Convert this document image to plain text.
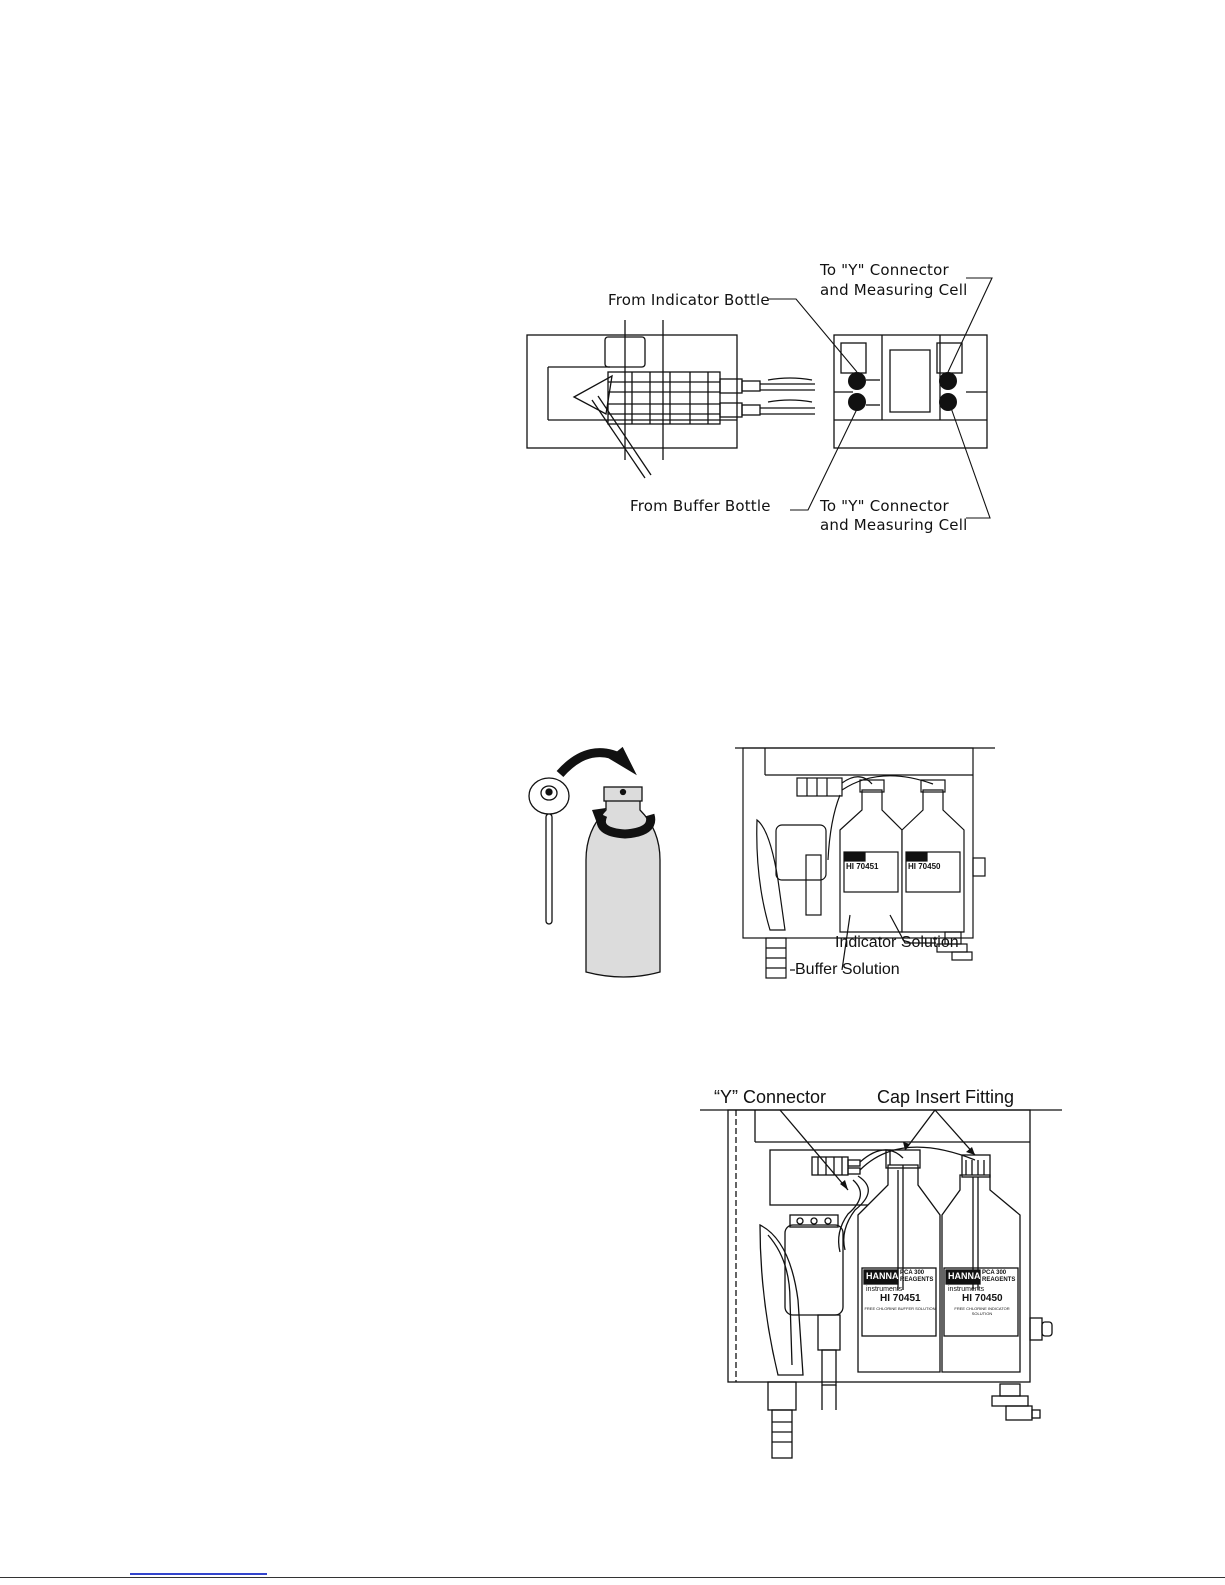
From Indicator Bottle
From Buffer Bottle
To "Y" Connector
and Measuring Cell
To "Y" Connector
and Measuring Cell
Indicator Solution
Buffer Solution
HI 70451	HI 70450
“Y” Connector	Cap Insert Fitting
PCA 300 REAGENTS
PCA 300 REAGENTS
HANNA	HANNA
instruments	instruments
HI 70451	HI 70450
FREE CHLORINE BUFFER SOLUTION	FREE CHLORINE INDICATOR SOLUTION
